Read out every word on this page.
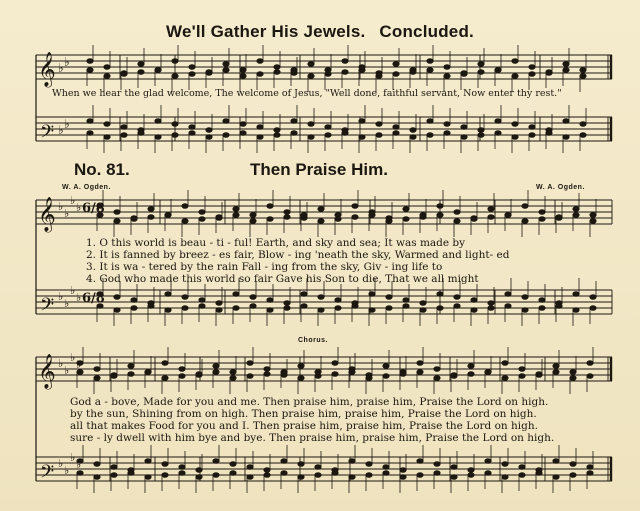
We'll Gather His Jewels. Concluded.
𝄞
𝄢
𝄞
𝄢
𝄞
𝄢
♭ ♭
♭ ♭
♭
♭
♭
♭
♭
♭
♭
♭
♭
♭
♭
♭
♭
♭
♭
♭
6/8
6/8
When we hear the glad welcome, The welcome of Jesus, "Well done, faithful servant, Now enter thy rest."
No. 81.	Then Praise Him.
W. A. Ogden.	W. A. Ogden.
1. O this world is beau - ti - ful! Earth, and sky and sea; It was made by
2. It is fanned by breez - es fair, Blow - ing 'neath the sky, Warmed and light- ed
3. It is wa - tered by the rain Fall - ing from the sky, Giv - ing life to
4. God who made this world so fair Gave his Son to die, That we all might
Chorus.
God a - bove, Made for you and me. Then praise him, praise him, Praise the Lord on high.
by the sun, Shining from on high. Then praise him, praise him, Praise the Lord on high.
all that makes Food for you and I. Then praise him, praise him, Praise the Lord on high.
sure - ly dwell with him bye and bye. Then praise him, praise him, Praise the Lord on high.
